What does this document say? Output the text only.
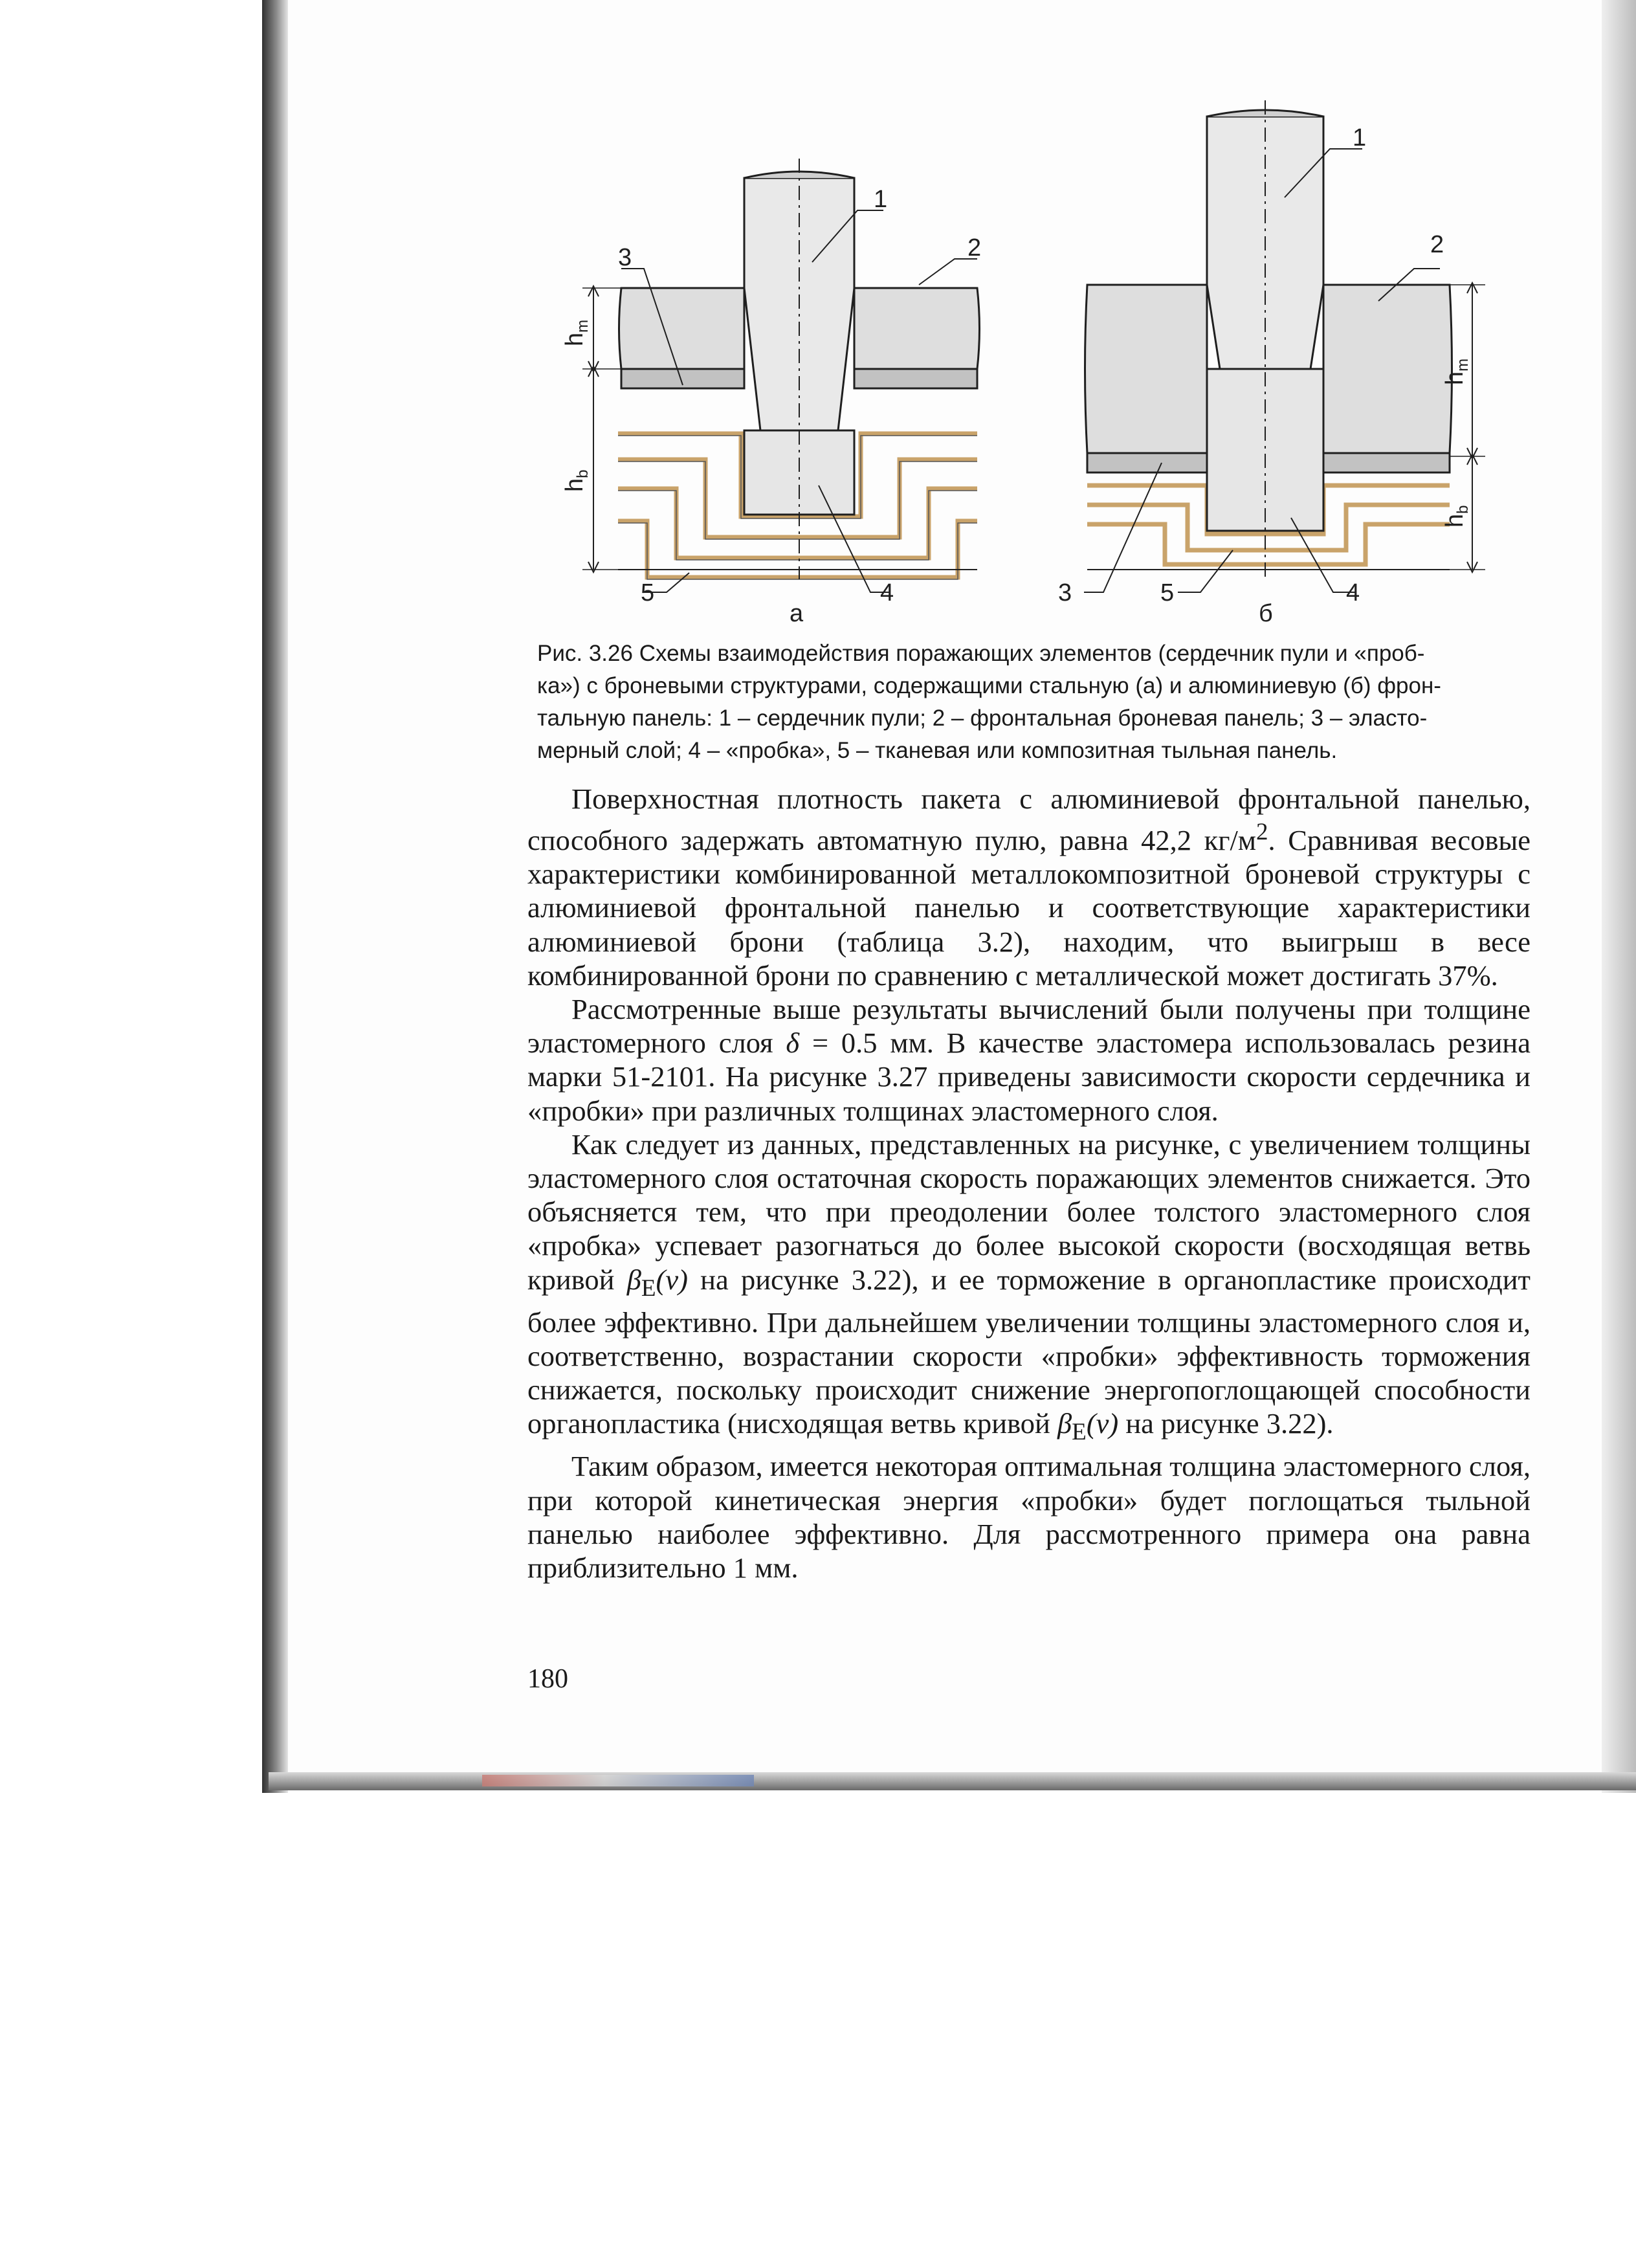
1
2
3
4
5
$h_m$
$h_b$
а
1
2
3	4
5
$h_m$
$h_b$
б

Рис. 3.26 Схемы взаимодействия поражающих элементов (сердечник пули и «проб-

ка») с броневыми структурами, содержащими стальную (а) и алюминиевую (б) фрон-

тальную панель: 1 – сердечник пули; 2 – фронтальная броневая панель; 3 – эласто-

мерный слой; 4 – «пробка», 5 – тканевая или композитная тыльная панель.

Поверхностная плотность пакета с алюминиевой фронтальной панелью, способного задержать автоматную пулю, равна 42,2 $кг/м^2$. Сравнивая весовые характеристики комбинированной металлокомпозитной броневой структуры с алюминиевой фронтальной панелью и соответствующие характеристики алюминиевой брони (таблица 3.2), находим, что выигрыш в весе комбинированной брони по сравнению с металлической может достигать 37%.

Рассмотренные выше результаты вычислений были получены при толщине эластомерного слоя δ = 0.5 мм. В качестве эластомера использовалась резина марки 51-2101. На рисунке 3.27 приведены зависимости скорости сердечника и «пробки» при различных толщинах эластомерного слоя.

Как следует из данных, представленных на рисунке, с увеличением толщины эластомерного слоя остаточная скорость поражающих элементов снижается. Это объясняется тем, что при преодолении более толстого эластомерного слоя «пробка» успевает разогнаться до более высокой скорости (восходящая ветвь кривой $\beta_E(v)$ на рисунке 3.22), и ее торможение в органопластике происходит более эффективно. При дальнейшем увеличении толщины эластомерного слоя и, соответственно, возрастании скорости «пробки» эффективность торможения снижается, поскольку происходит снижение энергопоглощающей способности органопластика (нисходящая ветвь кривой $\beta_E(v)$ на рисунке 3.22).

Таким образом, имеется некоторая оптимальная толщина эластомерного слоя, при которой кинетическая энергия «пробки» будет поглощаться тыльной панелью наиболее эффективно. Для рассмотренного примера она равна приблизительно 1 мм.

180
